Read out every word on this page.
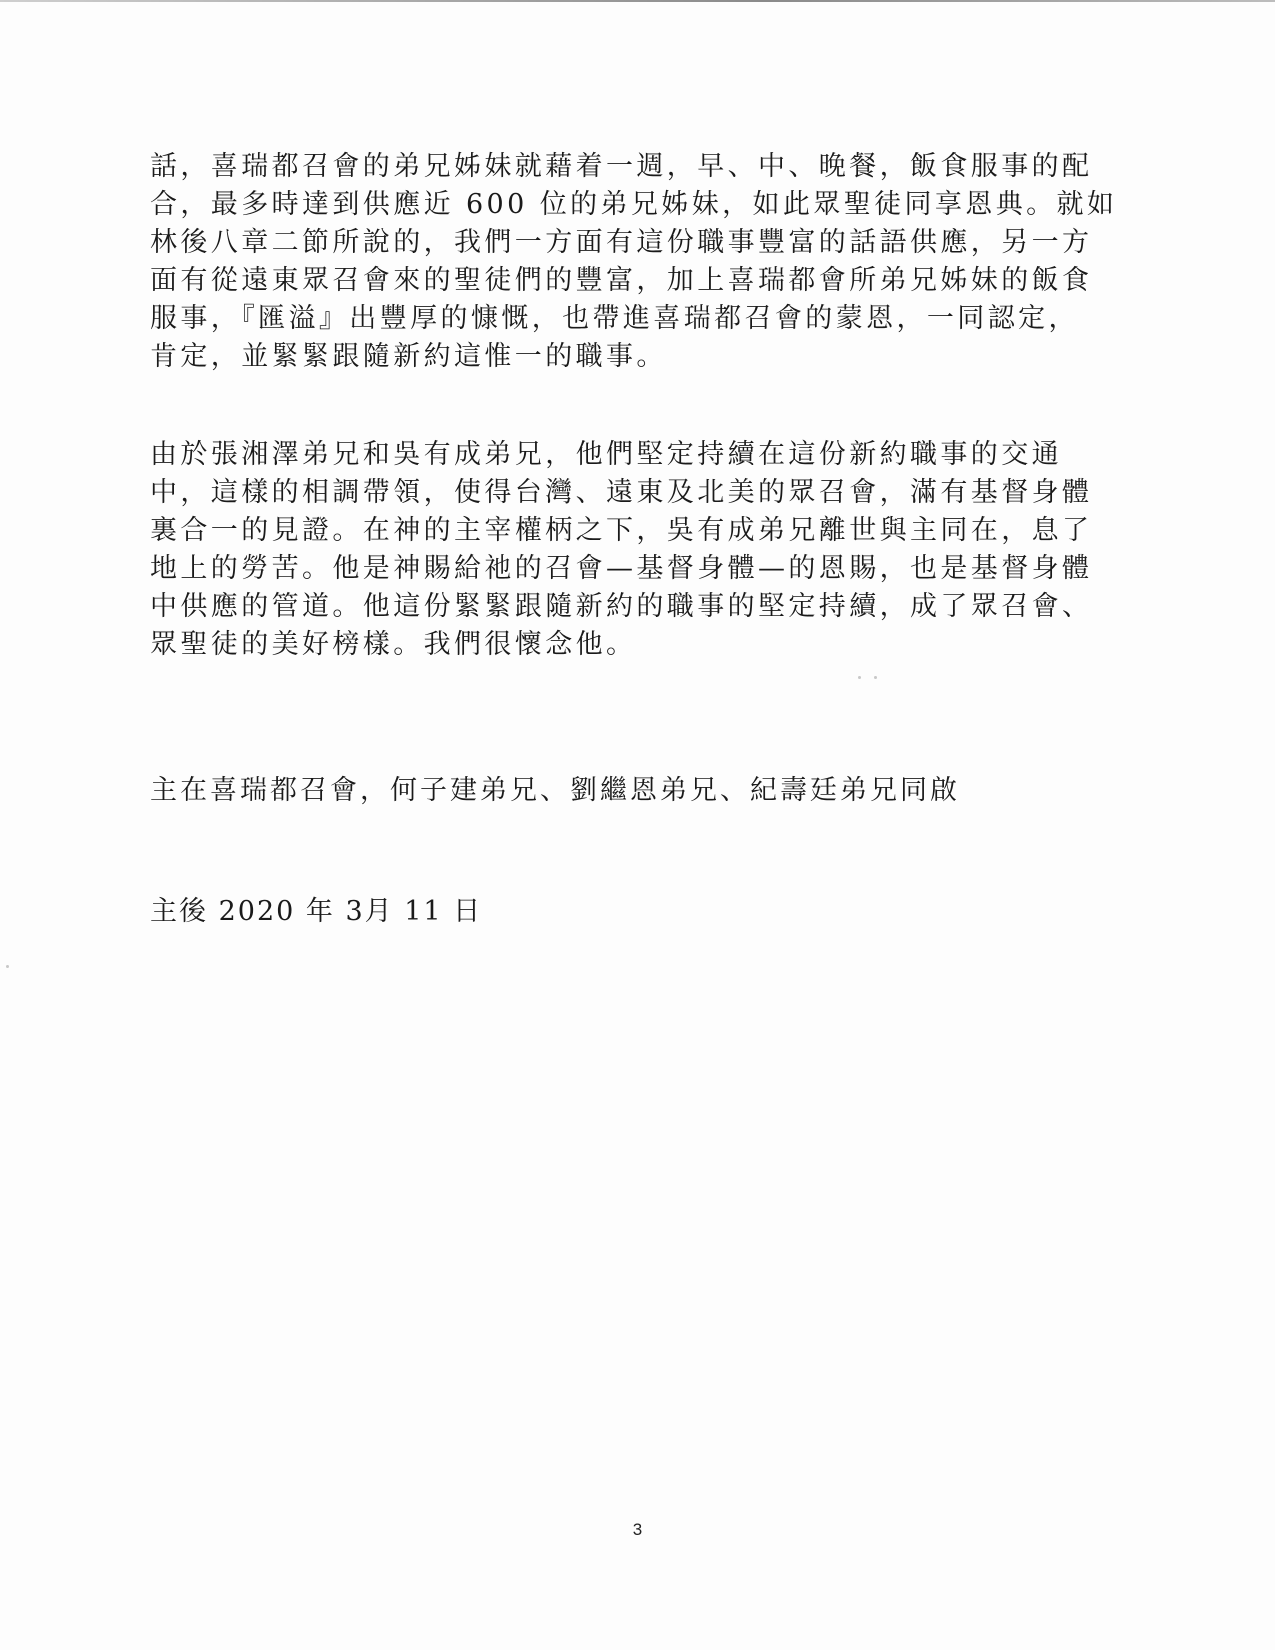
話，喜瑞都召會的弟兄姊妹就藉着一週，早、中、晚餐，飯食服事的配
合，最多時達到供應近 600 位的弟兄姊妹，如此眾聖徒同享恩典。就如
林後八章二節所說的，我們一方面有這份職事豐富的話語供應，另一方
面有從遠東眾召會來的聖徒們的豐富，加上喜瑞都會所弟兄姊妹的飯食
服事，『匯溢』出豐厚的慷慨，也帶進喜瑞都召會的蒙恩，一同認定，
肯定，並緊緊跟隨新約這惟一的職事。
由於張湘澤弟兄和吳有成弟兄，他們堅定持續在這份新約職事的交通
中，這樣的相調帶領，使得台灣、遠東及北美的眾召會，滿有基督身體
裏合一的見證。在神的主宰權柄之下，吳有成弟兄離世與主同在，息了
地上的勞苦。他是神賜給祂的召會—基督身體—的恩賜，也是基督身體
中供應的管道。他這份緊緊跟隨新約的職事的堅定持續，成了眾召會、
眾聖徒的美好榜樣。我們很懷念他。
主在喜瑞都召會，何子建弟兄、劉繼恩弟兄、紀壽廷弟兄同啟
主後 2020 年 3月 11 日
3
